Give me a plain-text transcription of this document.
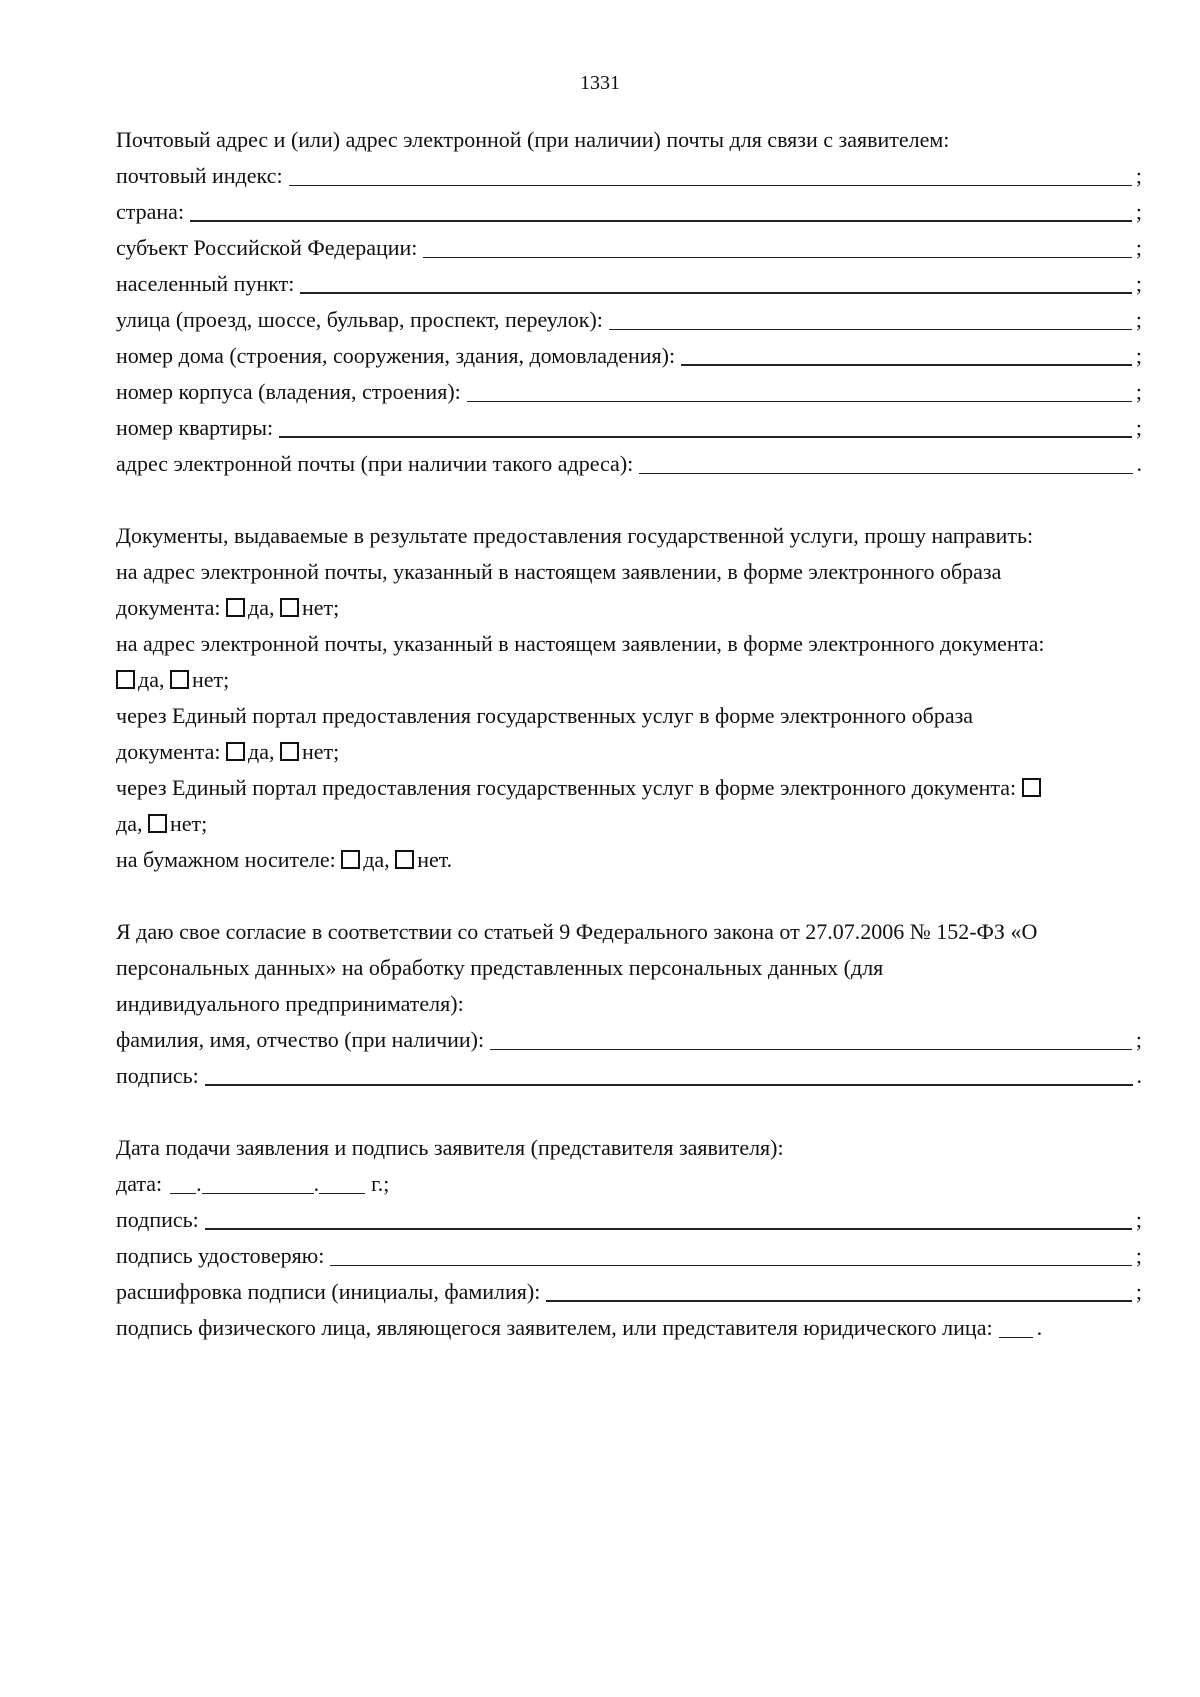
1331
Почтовый адрес и (или) адрес электронной (при наличии) почты для связи с заявителем:
почтовый индекс:	;
страна:	;
субъект Российской Федерации:	;
населенный пункт:	;
улица (проезд, шоссе, бульвар, проспект, переулок):	;
номер дома (строения, сооружения, здания, домовладения):	;
номер корпуса (владения, строения):	;
номер квартиры:	;
адрес электронной почты (при наличии такого адреса):	.
Документы, выдаваемые в результате предоставления государственной услуги, прошу направить:
на адрес электронной почты, указанный в настоящем заявлении, в форме электронного образа
документа: да, нет;
на адрес электронной почты, указанный в настоящем заявлении, в форме электронного документа:
да, нет;
через Единый портал предоставления государственных услуг в форме электронного образа
документа: да, нет;
через Единый портал предоставления государственных услуг в форме электронного документа:
да, нет;
на бумажном носителе: да, нет.
Я даю свое согласие в соответствии со статьей 9 Федерального закона от 27.07.2006 № 152-ФЗ «О
персональных данных» на обработку представленных персональных данных (для
индивидуального предпринимателя):
фамилия, имя, отчество (при наличии):	;
подпись:	.
Дата подачи заявления и подпись заявителя (представителя заявителя):
дата: .	. г.;
подпись:	;
подпись удостоверяю:	;
расшифровка подписи (инициалы, фамилия):	;
подпись физического лица, являющегося заявителем, или представителя юридического лица: .
